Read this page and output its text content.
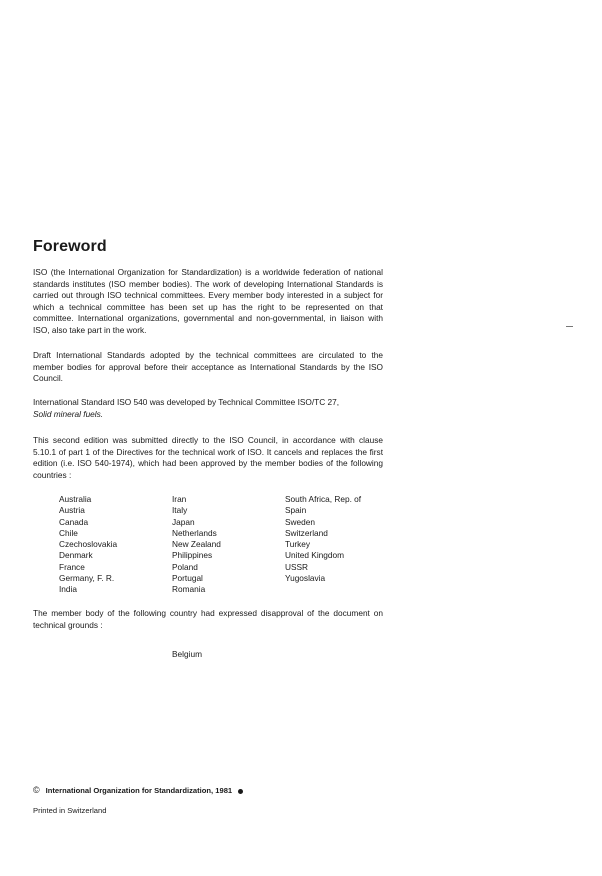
Foreword

ISO (the International Organization for Standardization) is a worldwide federation of national standards institutes (ISO member bodies). The work of developing International Standards is carried out through ISO technical committees. Every member body interested in a subject for which a technical committee has been set up has the right to be represented on that committee. International organizations, governmental and non-governmental, in liaison with ISO, also take part in the work.

Draft International Standards adopted by the technical committees are circulated to the member bodies for approval before their acceptance as International Standards by the ISO Council.

International Standard ISO 540 was developed by Technical Committee ISO/TC 27,
Solid mineral fuels.

This second edition was submitted directly to the ISO Council, in accordance with clause 5.10.1 of part 1 of the Directives for the technical work of ISO. It cancels and replaces the first edition (i.e. ISO 540-1974), which had been approved by the member bodies of the following countries :

Australia
Austria
Canada
Chile
Czechoslovakia
Denmark
France
Germany, F. R.
India
Iran
Italy
Japan
Netherlands
New Zealand
Philippines
Poland
Portugal
Romania
South Africa, Rep. of
Spain
Sweden
Switzerland
Turkey
United Kingdom
USSR
Yugoslavia

The member body of the following country had expressed disapproval of the document on technical grounds :

Belgium
© International Organization for Standardization, 1981
Printed in Switzerland
